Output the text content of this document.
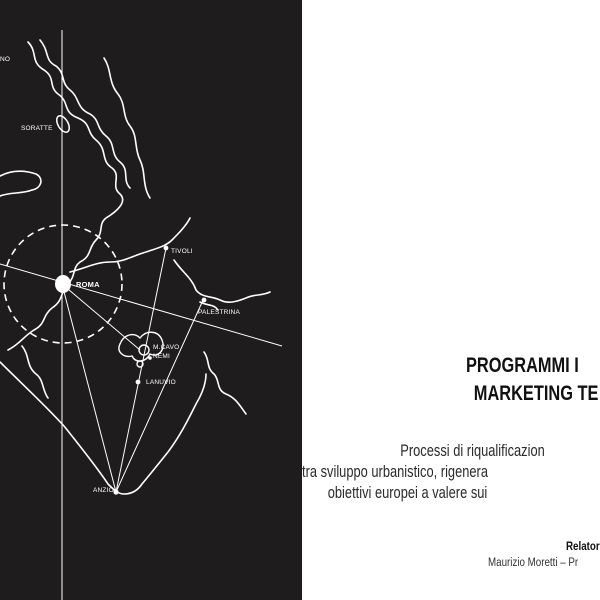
NO
SORATTE
TIVOLI
ROMA
PALESTRINA
M.CAVO
NEMI
LANUVIO
ANZIO
PROGRAMMI I
MARKETING TE
Processi di riqualificazion
tra sviluppo urbanistico, rigenera
obiettivi europei a valere sui
Relator
Maurizio Moretti – Pr
